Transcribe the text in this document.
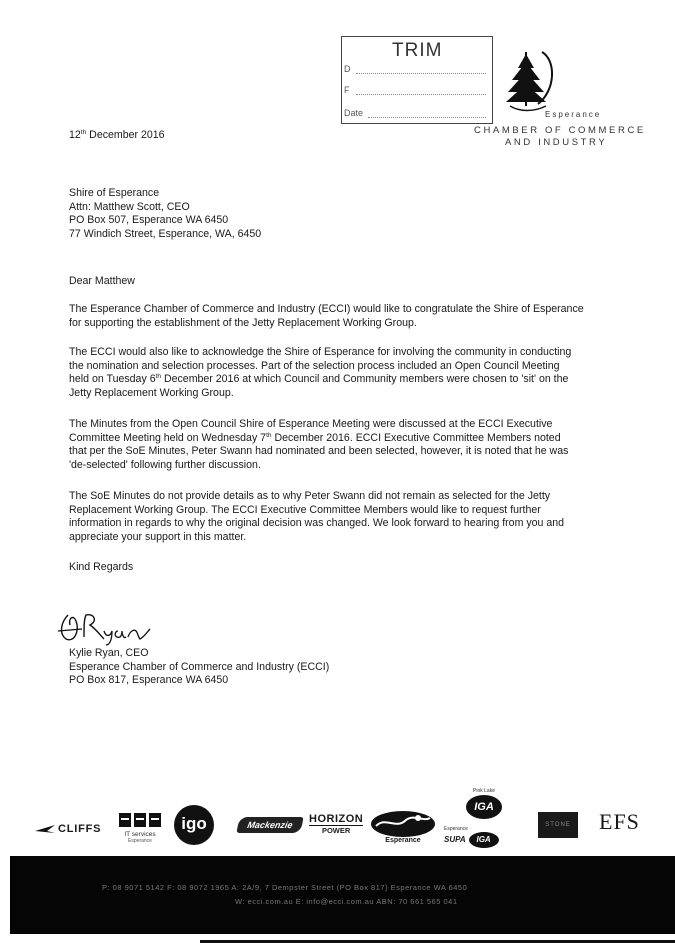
TRIM
D
F
Date	Esperance
CHAMBER OF COMMERCE
AND INDUSTRY

12th December 2016

Shire of Esperance

Attn: Matthew Scott, CEO

PO Box 507, Esperance WA 6450

77 Windich Street, Esperance, WA, 6450

Dear Matthew

The Esperance Chamber of Commerce and Industry (ECCI) would like to congratulate the Shire of Esperance

for supporting the establishment of the Jetty Replacement Working Group.

The ECCI would also like to acknowledge the Shire of Esperance for involving the community in conducting

the nomination and selection processes. Part of the selection process included an Open Council Meeting

held on Tuesday 6th December 2016 at which Council and Community members were chosen to 'sit' on the

Jetty Replacement Working Group.

The Minutes from the Open Council Shire of Esperance Meeting were discussed at the ECCI Executive

Committee Meeting held on Wednesday 7th December 2016. ECCI Executive Committee Members noted

that per the SoE Minutes, Peter Swann had nominated and been selected, however, it is noted that he was

'de-selected' following further discussion.

The SoE Minutes do not provide details as to why Peter Swann did not remain as selected for the Jetty

Replacement Working Group. The ECCI Executive Committee Members would like to request further

information in regards to why the original decision was changed. We look forward to hearing from you and

appreciate your support in this matter.

Kind Regards

Kylie Ryan, CEO

Esperance Chamber of Commerce and Industry (ECCI)

PO Box 817, Esperance WA 6450

CLIFFS	IT services
Esperance
igo	Mackenzie	HORIZON
POWER
Esperance
Pink Lake
IGA
Esperance
SUPA IGA
STONE	EFS
P: 08 9071 5142 F: 08 9072 1965 A: 2A/9, 7 Dempster Street (PO Box 817) Esperance WA 6450
W: ecci.com.au E: info@ecci.com.au ABN: 70 661 565 041
